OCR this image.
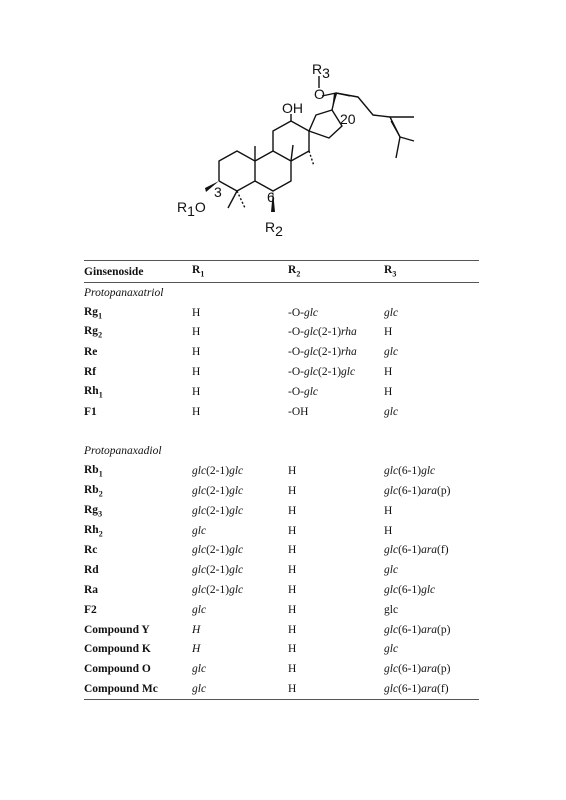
R3
O
OH
20
3	6
R1O
R2
Ginsenoside	$R_1$	$R_2$	$R_3$
Protopanaxatriol			
$Rg_1$	H	-O-glc	glc
$Rg_2$	H	-O-glc(2-1)rha	H
Re	H	-O-glc(2-1)rha	glc
Rf	H	-O-glc(2-1)glc	H
$Rh_1$	H	-O-glc	H
F1	H	-OH	glc

Protopanaxadiol			
$Rb_1$	glc(2-1)glc	H	glc(6-1)glc
$Rb_2$	glc(2-1)glc	H	glc(6-1)ara(p)
$Rg_3$	glc(2-1)glc	H	H
$Rh_2$	glc	H	H
Rc	glc(2-1)glc	H	glc(6-1)ara(f)
Rd	glc(2-1)glc	H	glc
Ra	glc(2-1)glc	H	glc(6-1)glc
F2	glc	H	glc
Compound Y	H	H	glc(6-1)ara(p)
Compound K	H	H	glc
Compound O	glc	H	glc(6-1)ara(p)
Compound Mc	glc	H	glc(6-1)ara(f)
